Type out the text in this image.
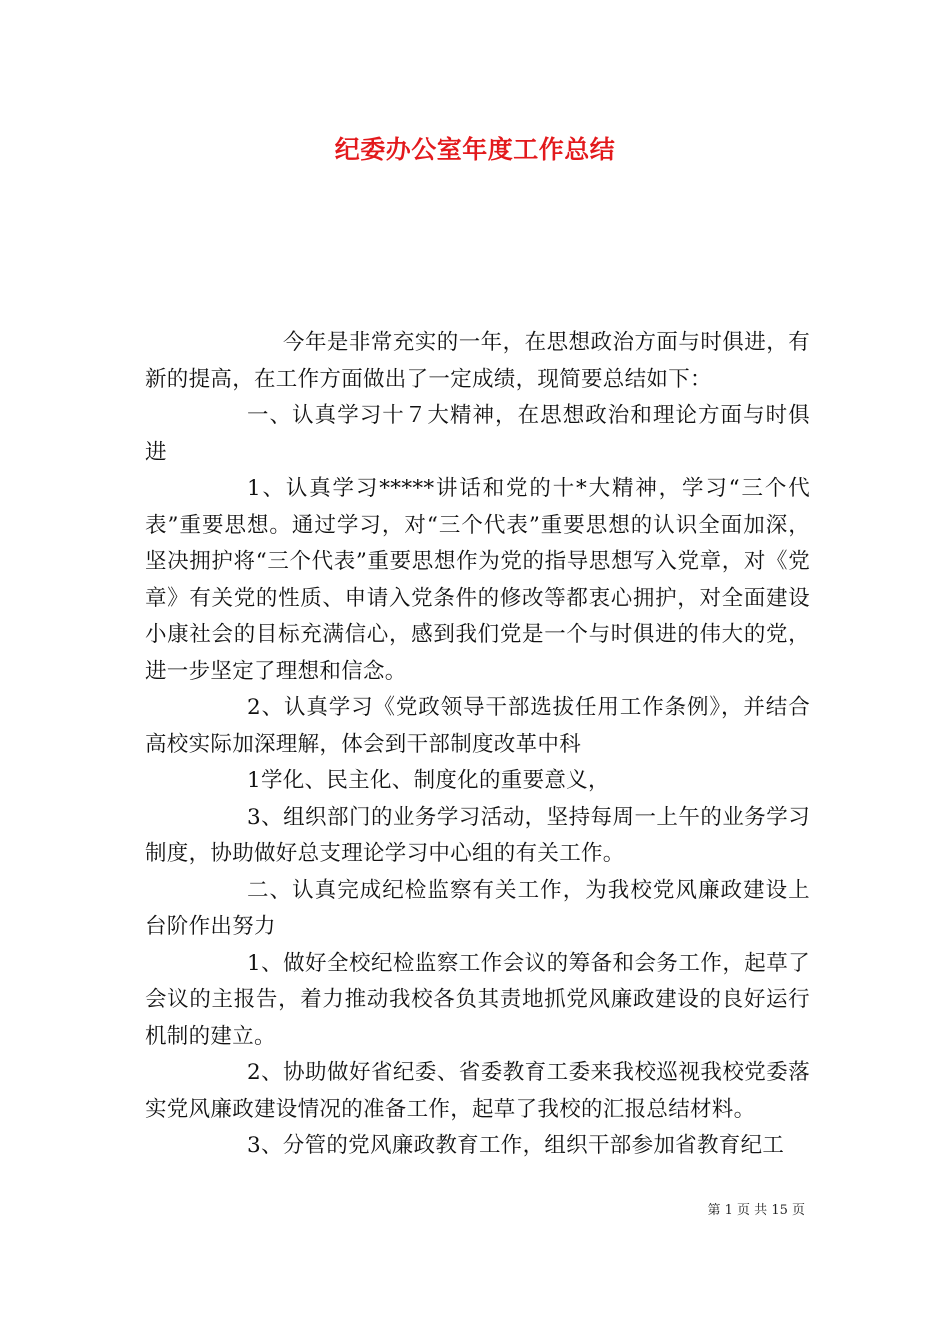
纪委办公室年度工作总结

今年是非常充实的一年，在思想政治方面与时俱进，有新的提高，在工作方面做出了一定成绩，现简要总结如下：

一、认真学习十７大精神，在思想政治和理论方面与时俱进

1、认真学习*****讲话和党的十*大精神，学习“三个代表”重要思想。通过学习，对“三个代表”重要思想的认识全面加深，坚决拥护将“三个代表”重要思想作为党的指导思想写入党章，对《党章》有关党的性质、申请入党条件的修改等都衷心拥护，对全面建设小康社会的目标充满信心，感到我们党是一个与时俱进的伟大的党，进一步坚定了理想和信念。

2、认真学习《党政领导干部选拔任用工作条例》，并结合高校实际加深理解，体会到干部制度改革中科

1学化、民主化、制度化的重要意义，

3、组织部门的业务学习活动，坚持每周一上午的业务学习制度，协助做好总支理论学习中心组的有关工作。

二、认真完成纪检监察有关工作，为我校党风廉政建设上台阶作出努力

1、做好全校纪检监察工作会议的筹备和会务工作，起草了会议的主报告，着力推动我校各负其责地抓党风廉政建设的良好运行机制的建立。

2、协助做好省纪委、省委教育工委来我校巡视我校党委落实党风廉政建设情况的准备工作，起草了我校的汇报总结材料。

3、分管的党风廉政教育工作，组织干部参加省教育纪工

第 1 页 共 15 页
